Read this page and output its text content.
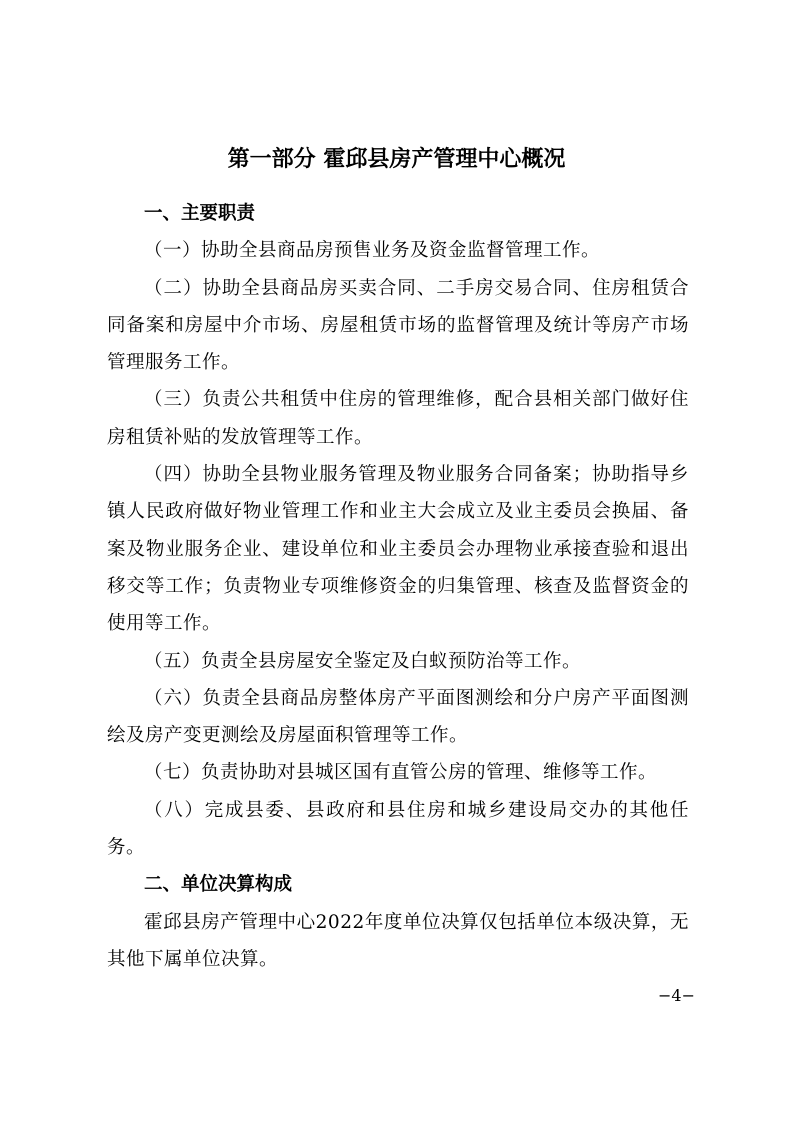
第一部分 霍邱县房产管理中心概况
一、主要职责

（一）协助全县商品房预售业务及资金监督管理工作。

（二）协助全县商品房买卖合同、二手房交易合同、住房租赁合同备案和房屋中介市场、房屋租赁市场的监督管理及统计等房产市场管理服务工作。

（三）负责公共租赁中住房的管理维修，配合县相关部门做好住房租赁补贴的发放管理等工作。

（四）协助全县物业服务管理及物业服务合同备案；协助指导乡镇人民政府做好物业管理工作和业主大会成立及业主委员会换届、备案及物业服务企业、建设单位和业主委员会办理物业承接查验和退出移交等工作；负责物业专项维修资金的归集管理、核查及监督资金的使用等工作。

（五）负责全县房屋安全鉴定及白蚁预防治等工作。

（六）负责全县商品房整体房产平面图测绘和分户房产平面图测绘及房产变更测绘及房屋面积管理等工作。

（七）负责协助对县城区国有直管公房的管理、维修等工作。

（八）完成县委、县政府和县住房和城乡建设局交办的其他任务。

二、单位决算构成

霍邱县房产管理中心2022年度单位决算仅包括单位本级决算，无其他下属单位决算。

−4−
